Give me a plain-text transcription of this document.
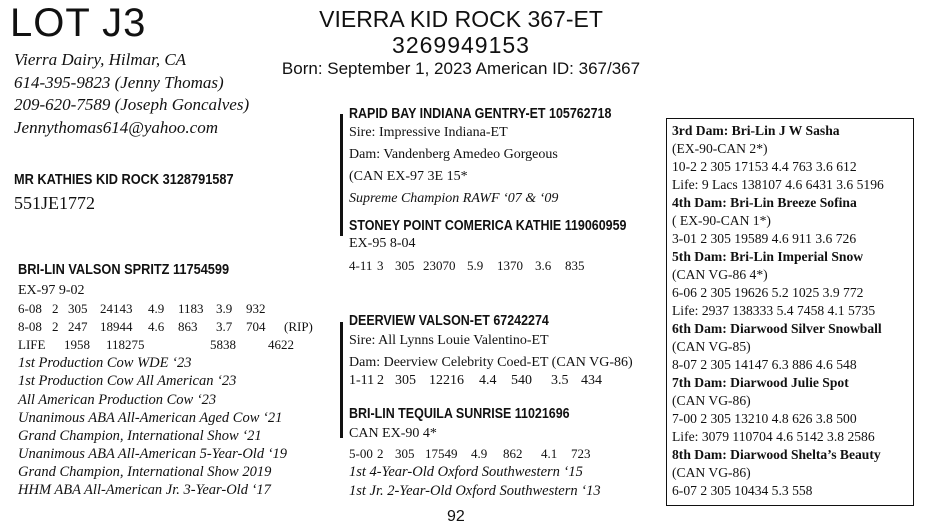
LOT J3	VIERRA KID ROCK 367-ET
3269949153
Born: September 1, 2023 American ID: 367/367
Vierra Dairy, Hilmar, CA
614-395-9823 (Jenny Thomas)
209-620-7589 (Joseph Goncalves)
Jennythomas614@yahoo.com
MR KATHIES KID ROCK 3128791587
551JE1772
BRI-LIN VALSON SPRITZ 11754599
EX-97 9-02
6-08 2 305 24143 4.9 1183 3.9 932
8-08 2 247 18944 4.6 863 3.7 704 (RIP)
LIFE 1958 118275	5838 4622
1st Production Cow WDE ‘23
1st Production Cow All American ‘23
All American Production Cow ‘23
Unanimous ABA All-American Aged Cow ‘21
Grand Champion, International Show ‘21
Unanimous ABA All-American 5-Year-Old ‘19
Grand Champion, International Show 2019
HHM ABA All-American Jr. 3-Year-Old ‘17
RAPID BAY INDIANA GENTRY-ET 105762718
Sire: Impressive Indiana-ET
Dam: Vandenberg Amedeo Gorgeous
(CAN EX-97 3E 15*
Supreme Champion RAWF ‘07 & ‘09
STONEY POINT COMERICA KATHIE 119060959
EX-95 8-04
4-11 3 305 23070 5.9 1370 3.6 835
DEERVIEW VALSON-ET 67242274
Sire: All Lynns Louie Valentino-ET
Dam: Deerview Celebrity Coed-ET (CAN VG-86)
1-11 2 305 12216 4.4 540 3.5 434
BRI-LIN TEQUILA SUNRISE 11021696
CAN EX-90 4*
5-00 2 305 17549 4.9 862 4.1 723
1st 4-Year-Old Oxford Southwestern ‘15
1st Jr. 2-Year-Old Oxford Southwestern ‘13
3rd Dam: Bri-Lin J W Sasha
(EX-90-CAN 2*)
10-2 2 305 17153 4.4 763 3.6 612
Life: 9 Lacs 138107 4.6 6431 3.6 5196
4th Dam: Bri-Lin Breeze Sofina
( EX-90-CAN 1*)
3-01 2 305 19589 4.6 911 3.6 726
5th Dam: Bri-Lin Imperial Snow
(CAN VG-86 4*)
6-06 2 305 19626 5.2 1025 3.9 772
Life: 2937 138333 5.4 7458 4.1 5735
6th Dam: Diarwood Silver Snowball
(CAN VG-85)
8-07 2 305 14147 6.3 886 4.6 548
7th Dam: Diarwood Julie Spot
(CAN VG-86)
7-00 2 305 13210 4.8 626 3.8 500
Life: 3079 110704 4.6 5142 3.8 2586
8th Dam: Diarwood Shelta’s Beauty
(CAN VG-86)
6-07 2 305 10434 5.3 558
92
